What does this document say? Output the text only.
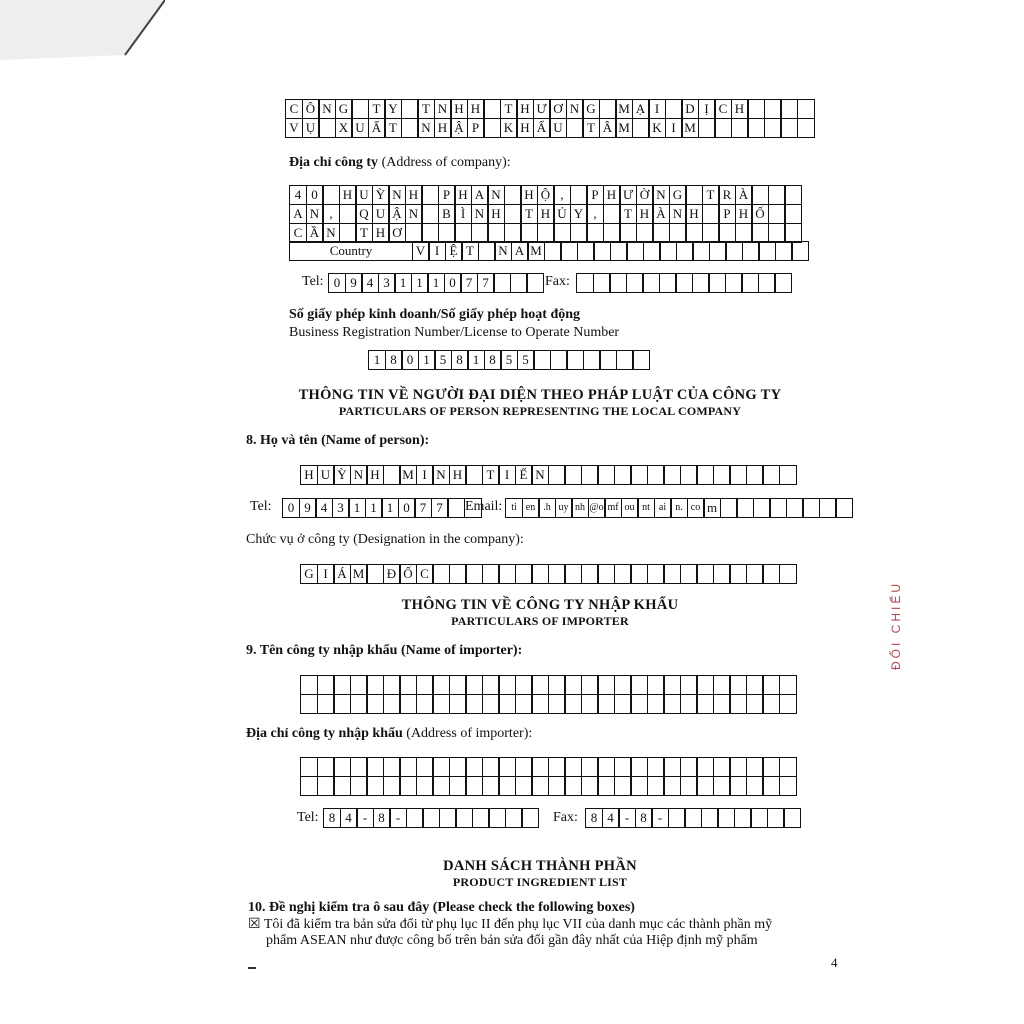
C Ô N G	T Y	T N H H	T H Ư Ơ N G	M Ạ I	D Ị C H
V Ụ	X U Ấ T	N H Ậ P	K H Ẩ U	T Â M	K I M
Địa chỉ công ty (Address of company):
4 0	H U Ỳ N H	P H A N	H Ộ ,	P H Ư Ờ N G	T R À
A N ,	Q U Ậ N	B Ì N H	T H Ủ Y ,	T H À N H	P H Ố
C Ầ N	T H Ơ
Country	V I Ệ T	N A M
Tel: 0 9 4 3 1 1 1 0 7 7	Fax:
Số giấy phép kinh doanh/Số giấy phép hoạt động
Business Registration Number/License to Operate Number
1 8 0 1 5 8 1 8 5 5
THÔNG TIN VỀ NGƯỜI ĐẠI DIỆN THEO PHÁP LUẬT CỦA CÔNG TY
PARTICULARS OF PERSON REPRESENTING THE LOCAL COMPANY
8. Họ và tên (Name of person):
H U Ỳ N H	M I N H	T I Ế N
Tel:	0 9 4 3 1 1 1 0 7 7	Email: ti en .h uy nh @o mf ou nt ai n. co m
Chức vụ ở công ty (Designation in the company):
G I Á M	Đ Ố C
THÔNG TIN VỀ CÔNG TY NHẬP KHẨU
PARTICULARS OF IMPORTER
9. Tên công ty nhập khẩu (Name of importer):
Địa chỉ công ty nhập khẩu (Address of importer):
Tel: 8 4 - 8 -	Fax: 8 4 - 8 -
DANH SÁCH THÀNH PHẦN
PRODUCT INGREDIENT LIST
10. Đề nghị kiểm tra ô sau đây (Please check the following boxes)
☒ Tôi đã kiểm tra bản sửa đổi từ phụ lục II đến phụ lục VII của danh mục các thành phần mỹ
phẩm ASEAN như được công bố trên bản sửa đổi gần đây nhất của Hiệp định mỹ phẩm
4
ĐỐI CHIẾU
